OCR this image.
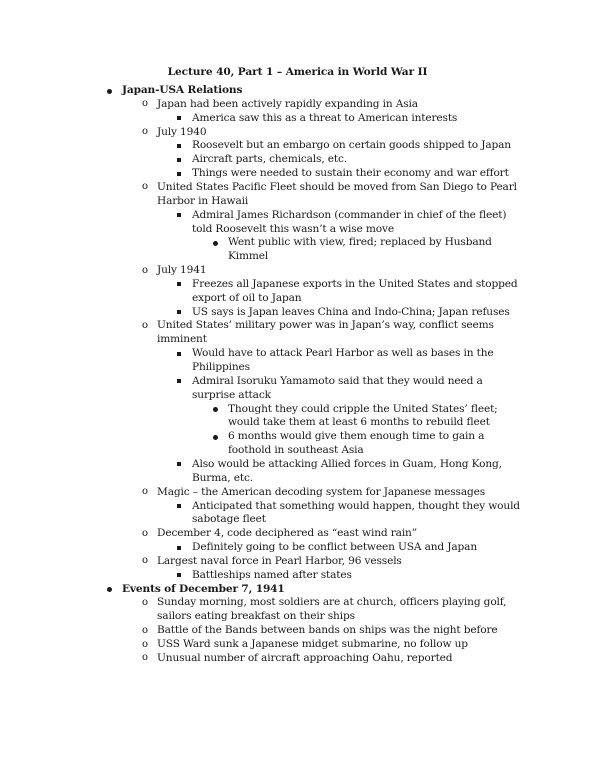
Lecture 40, Part 1 – America in World War II
Japan-USA Relations
o Japan had been actively rapidly expanding in Asia
America saw this as a threat to American interests
o July 1940
Roosevelt but an embargo on certain goods shipped to Japan
Aircraft parts, chemicals, etc.
Things were needed to sustain their economy and war effort
o United States Pacific Fleet should be moved from San Diego to Pearl
Harbor in Hawaii
Admiral James Richardson (commander in chief of the fleet)
told Roosevelt this wasn’t a wise move
Went public with view, fired; replaced by Husband
Kimmel
o July 1941
Freezes all Japanese exports in the United States and stopped
export of oil to Japan
US says is Japan leaves China and Indo-China; Japan refuses
o United States’ military power was in Japan’s way, conflict seems
imminent
Would have to attack Pearl Harbor as well as bases in the
Philippines
Admiral Isoruku Yamamoto said that they would need a
surprise attack
Thought they could cripple the United States’ fleet;
would take them at least 6 months to rebuild fleet
6 months would give them enough time to gain a
foothold in southeast Asia
Also would be attacking Allied forces in Guam, Hong Kong,
Burma, etc.
o Magic – the American decoding system for Japanese messages
Anticipated that something would happen, thought they would
sabotage fleet
o December 4, code deciphered as “east wind rain”
Definitely going to be conflict between USA and Japan
o Largest naval force in Pearl Harbor, 96 vessels
Battleships named after states
Events of December 7, 1941
o Sunday morning, most soldiers are at church, officers playing golf,
sailors eating breakfast on their ships
o Battle of the Bands between bands on ships was the night before
o USS Ward sunk a Japanese midget submarine, no follow up
o Unusual number of aircraft approaching Oahu, reported
